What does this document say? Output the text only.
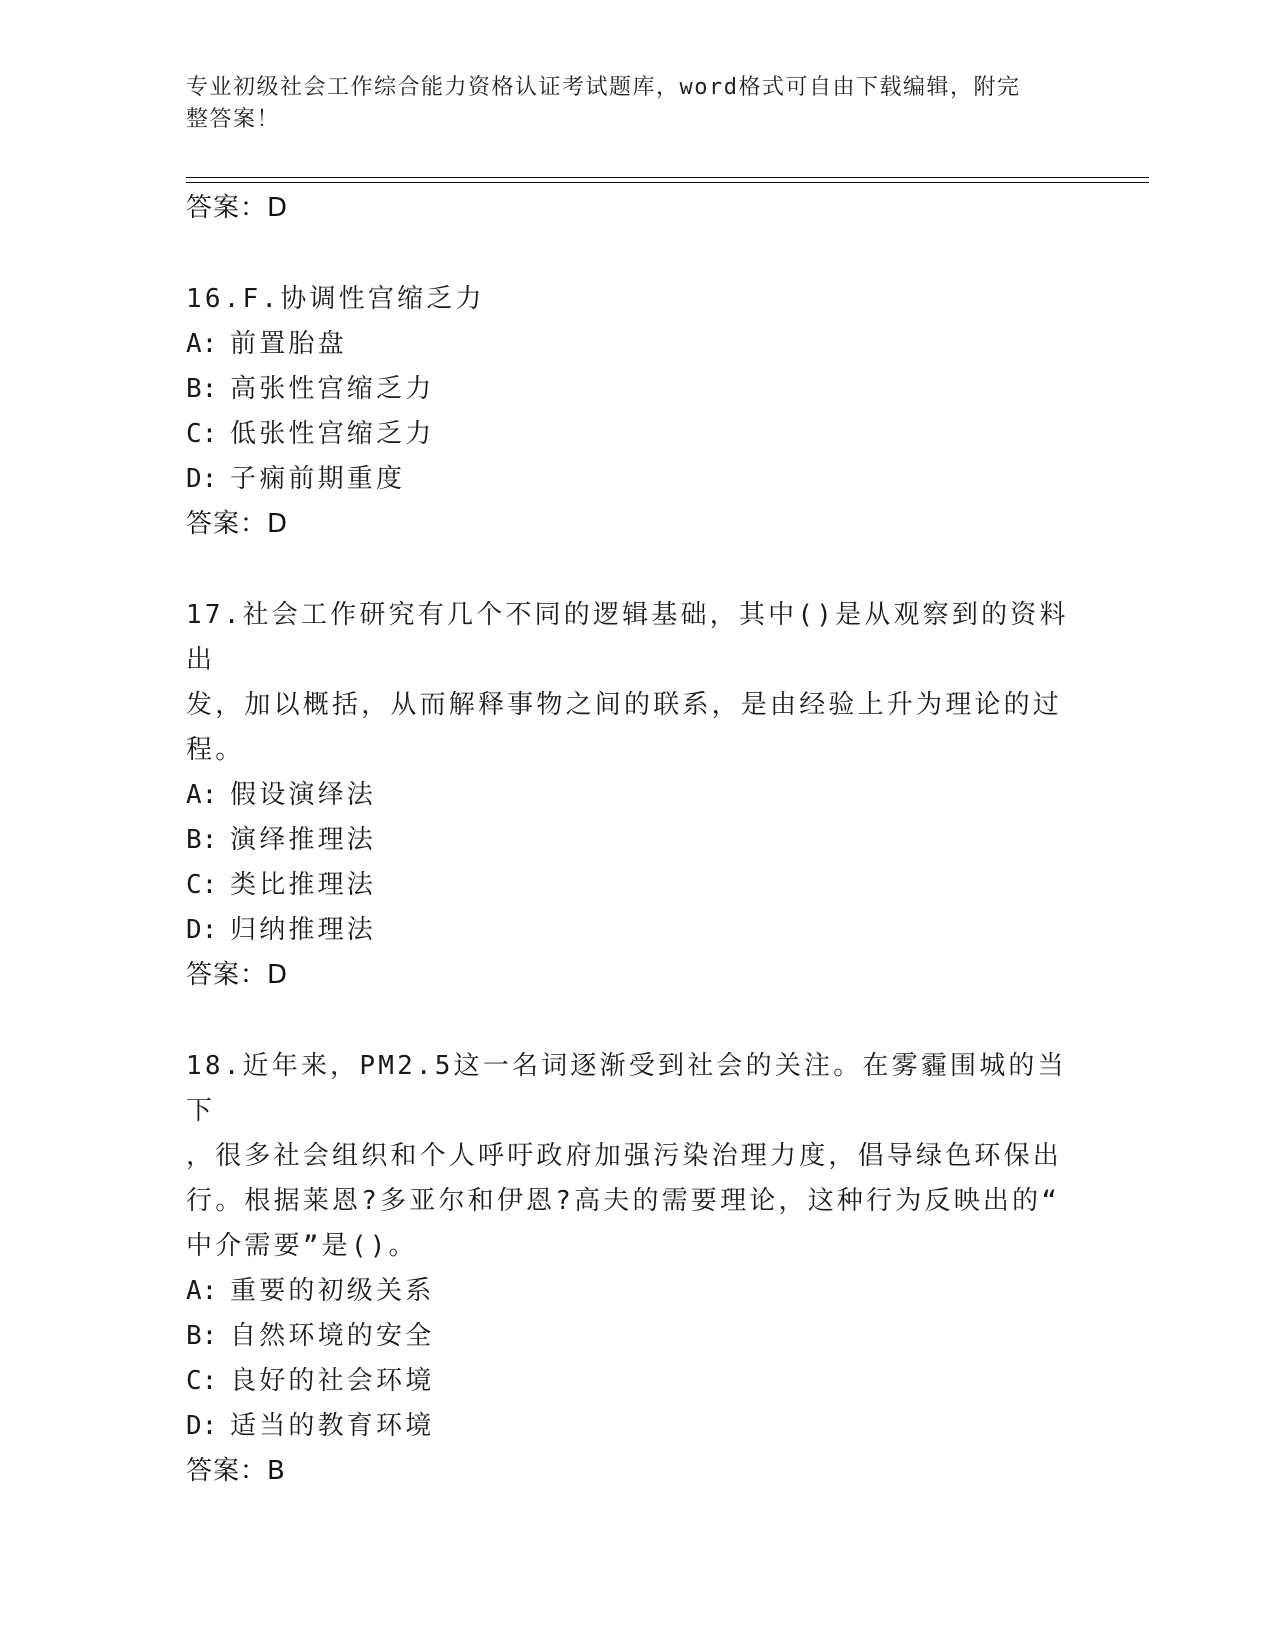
专业初级社会工作综合能力资格认证考试题库，word格式可自由下载编辑，附完
整答案！
答案：D
16.F.协调性宫缩乏力
A: 前置胎盘
B: 高张性宫缩乏力
C: 低张性宫缩乏力
D: 子痫前期重度
答案：D
17.社会工作研究有几个不同的逻辑基础，其中()是从观察到的资料出
发，加以概括，从而解释事物之间的联系，是由经验上升为理论的过
程。
A: 假设演绎法
B: 演绎推理法
C: 类比推理法
D: 归纳推理法
答案：D
18.近年来，PM2.5这一名词逐渐受到社会的关注。在雾霾围城的当下
，很多社会组织和个人呼吁政府加强污染治理力度，倡导绿色环保出
行。根据莱恩?多亚尔和伊恩?高夫的需要理论，这种行为反映出的“
中介需要”是()。
A: 重要的初级关系
B: 自然环境的安全
C: 良好的社会环境
D: 适当的教育环境
答案：B
